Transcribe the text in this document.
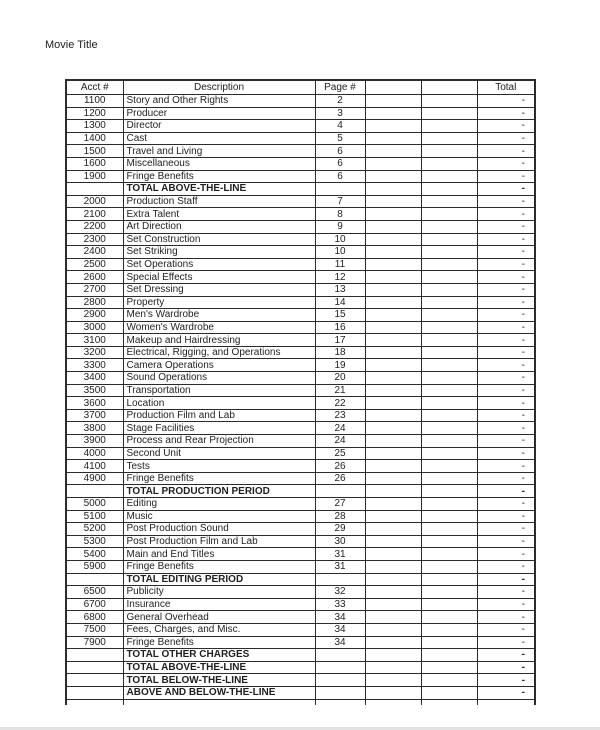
Movie Title
Acct #	Description	Page #			Total
1100	Story and Other Rights	2			-
1200	Producer	3			-
1300	Director	4			-
1400	Cast	5			-
1500	Travel and Living	6			-
1600	Miscellaneous	6			-
1900	Fringe Benefits	6			-
	TOTAL ABOVE-THE-LINE				-
2000	Production Staff	7			-
2100	Extra Talent	8			-
2200	Art Direction	9			-
2300	Set Construction	10			-
2400	Set Striking	10			-
2500	Set Operations	11			-
2600	Special Effects	12			-
2700	Set Dressing	13			-
2800	Property	14			-
2900	Men's Wardrobe	15			-
3000	Women's Wardrobe	16			-
3100	Makeup and Hairdressing	17			-
3200	Electrical, Rigging, and Operations	18			-
3300	Camera Operations	19			-
3400	Sound Operations	20			-
3500	Transportation	21			-
3600	Location	22			-
3700	Production Film and Lab	23			-
3800	Stage Facilities	24			-
3900	Process and Rear Projection	24			-
4000	Second Unit	25			-
4100	Tests	26			-
4900	Fringe Benefits	26			-
	TOTAL PRODUCTION PERIOD				-
5000	Editing	27			-
5100	Music	28			-
5200	Post Production Sound	29			-
5300	Post Production Film and Lab	30			-
5400	Main and End Titles	31			-
5900	Fringe Benefits	31			-
	TOTAL EDITING PERIOD				-
6500	Publicity	32			-
6700	Insurance	33			-
6800	General Overhead	34			-
7500	Fees, Charges, and Misc.	34			-
7900	Fringe Benefits	34			-
	TOTAL OTHER CHARGES				-
	TOTAL ABOVE-THE-LINE				-
	TOTAL BELOW-THE-LINE				-
	ABOVE AND BELOW-THE-LINE				-
